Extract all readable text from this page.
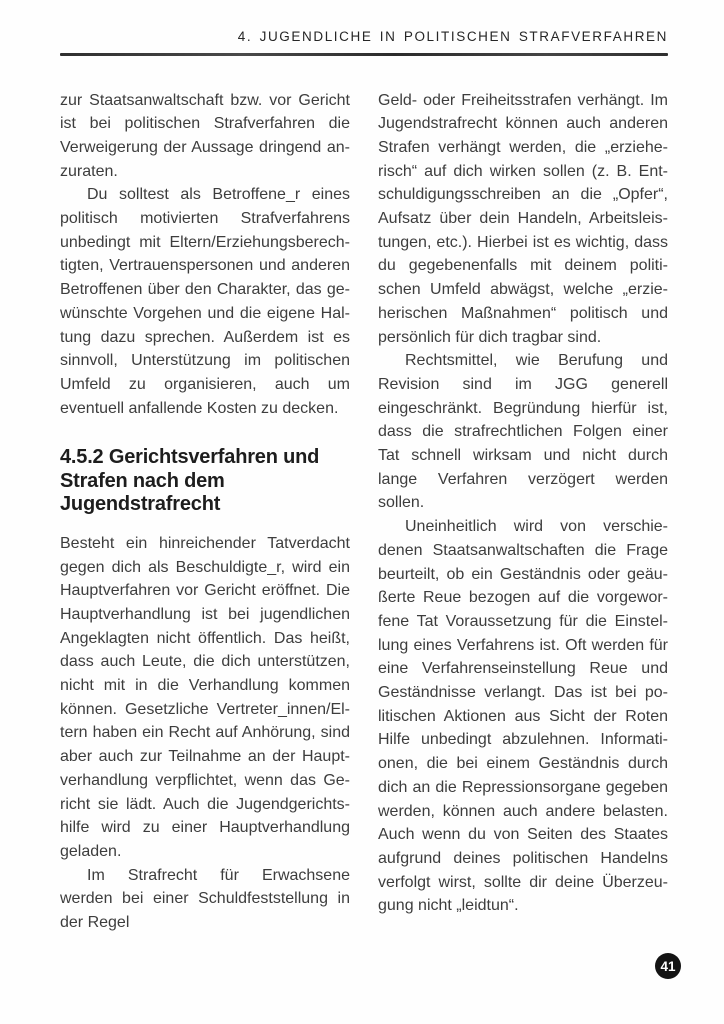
4. JUGENDLICHE IN POLITISCHEN STRAFVERFAHREN

zur Staatsanwaltschaft bzw. vor Gericht ist bei politischen Strafverfahren die Verweigerung der Aussage dringend anzuraten.

Du solltest als Betroffene_r eines politisch motivierten Strafverfahrens unbedingt mit Eltern/Erziehungsberechtigten, Vertrauenspersonen und anderen Betroffenen über den Charakter, das gewünschte Vorgehen und die eigene Haltung dazu sprechen. Außerdem ist es sinnvoll, Unterstützung im politischen Umfeld zu organisieren, auch um eventuell anfallende Kosten zu decken.

4.5.2 Gerichtsverfahren und
Strafen nach dem Jugendstrafrecht

Besteht ein hinreichender Tatverdacht gegen dich als Beschuldigte_r, wird ein Hauptverfahren vor Gericht eröffnet. Die Hauptverhandlung ist bei jugendlichen Angeklagten nicht öffentlich. Das heißt, dass auch Leute, die dich unterstützen, nicht mit in die Verhandlung kommen können. Gesetzliche Vertreter_innen/Eltern haben ein Recht auf Anhörung, sind aber auch zur Teilnahme an der Hauptverhandlung verpflichtet, wenn das Gericht sie lädt. Auch die Jugendgerichtshilfe wird zu einer Hauptverhandlung geladen.

Im Strafrecht für Erwachsene werden bei einer Schuldfeststellung in der Regel

Geld- oder Freiheitsstrafen verhängt. Im Jugendstrafrecht können auch anderen Strafen verhängt werden, die „erzieherisch“ auf dich wirken sollen (z. B. Entschuldigungsschreiben an die „Opfer“, Aufsatz über dein Handeln, Arbeitsleistungen, etc.). Hierbei ist es wichtig, dass du gegebenenfalls mit deinem politischen Umfeld abwägst, welche „erzieherischen Maßnahmen“ politisch und persönlich für dich tragbar sind.

Rechtsmittel, wie Berufung und Revision sind im JGG generell eingeschränkt. Begründung hierfür ist, dass die strafrechtlichen Folgen einer Tat schnell wirksam und nicht durch lange Verfahren verzögert werden sollen.

Uneinheitlich wird von verschiedenen Staatsanwaltschaften die Frage beurteilt, ob ein Geständnis oder geäußerte Reue bezogen auf die vorgeworfene Tat Voraussetzung für die Einstellung eines Verfahrens ist. Oft werden für eine Verfahrenseinstellung Reue und Geständnisse verlangt. Das ist bei politischen Aktionen aus Sicht der Roten Hilfe unbedingt abzulehnen. Informationen, die bei einem Geständnis durch dich an die Repressionsorgane gegeben werden, können auch andere belasten. Auch wenn du von Seiten des Staates aufgrund deines politischen Handelns verfolgt wirst, sollte dir deine Überzeugung nicht „leidtun“.

41
